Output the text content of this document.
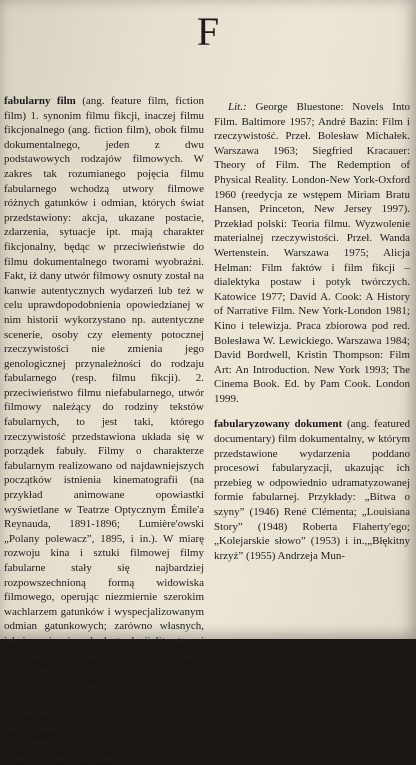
F

fabularny film (ang. feature film, fiction film) 1. synonim filmu fikcji, inaczej filmu fikcjonalnego (ang. fiction film), obok filmu dokumentalnego, jeden z dwu podstawowych rodzajów filmowych. W zakres tak rozumianego pojęcia filmu fabularnego wchodzą utwory filmowe różnych gatunków i odmian, których świat przedstawiony: akcja, ukazane postacie, zdarzenia, sytuacje ipt. mają charakter fikcjonalny, będąc w przeciwieństwie do filmu dokumentalnego tworami wyobraźni. Fakt, iż dany utwór filmowy osnuty został na kanwie autentycznych wydarzeń lub też w celu uprawdopodobnienia opowiedzianej w nim historii wykorzystano np. autentyczne scenerie, osoby czy elementy potocznej rzeczywistości nie zmienia jego genologicznej przynależności do rodzaju fabularnego (resp. filmu fikcji). 2. przeciwieństwo filmu niefabularnego, utwór filmowy należący do rodziny tekstów fabularnych, to jest taki, którego rzeczywistość przedstawiona układa się w porządek fabuły. Filmy o charakterze fabularnym realizowano od najdawniejszych początków istnienia kinematografii (na przykład animowane opowiastki wyświetlane w Teatrze Optycznym Émile'a Reynauda, 1891-1896; Lumière'owski „Polany polewacz”, 1895, i in.). W miarę rozwoju kina i sztuki filmowej filmy fabularne stały się najbardziej rozpowszechnioną formą widowiska filmowego, operując niezmiernie szerokim wachlarzem gatunków i wyspecjalizowanym odmian gatunkowych; zarówno własnych, jak i nawiązujących do tradycji literatury i dramatu, a także pełniąc wielorakie funkcje społeczno-kulturowe: od artystycznych (dzieło sztuki filmowej) do użytkowych (film reklamowy). Zob. rodzaj dokumentalny, rodzaj filmowy, film paradokumentalny, fabularyzowany dokument oraz poszczególne gatunki i odmiany filmu fabularnego.

Lit.: George Bluestone: Novels Into Film. Baltimore 1957; André Bazin: Film i rzeczywistość. Przeł. Bolesław Michałek. Warszawa 1963; Siegfried Kracauer: Theory of Film. The Redemption of Physical Reality. London-New York-Oxford 1960 (reedycja ze wstępem Miriam Bratu Hansen, Princeton, New Jersey 1997). Przekład polski: Teoria filmu. Wyzwolenie materialnej rzeczywistości. Przeł. Wanda Wertenstein. Warszawa 1975; Alicja Helman: Film faktów i film fikcji – dialektyka postaw i potyk twórczych. Katowice 1977; David A. Cook: A History of Narrative Film. New York-London 1981; Kino i telewizja. Praca zbiorowa pod red. Bolesława W. Lewickiego. Warszawa 1984; David Bordwell, Kristin Thompson: Film Art: An Introduction. New York 1993; The Cinema Book. Ed. by Pam Cook. London 1999.

fabularyzowany dokument (ang. featured documentary) film dokumentalny, w którym przedstawione wydarzenia poddano procesowi fabularyzacji, ukazując ich przebieg w odpowiednio udramatyzowanej formie fabularnej. Przykłady: „Bitwa o szyny” (1946) René Clémenta; „Louisiana Story” (1948) Roberta Flaherty'ego; „Kolejarskie słowo” (1953) i in.,„Błękitny krzyż” (1955) Andrzeja Mun-
